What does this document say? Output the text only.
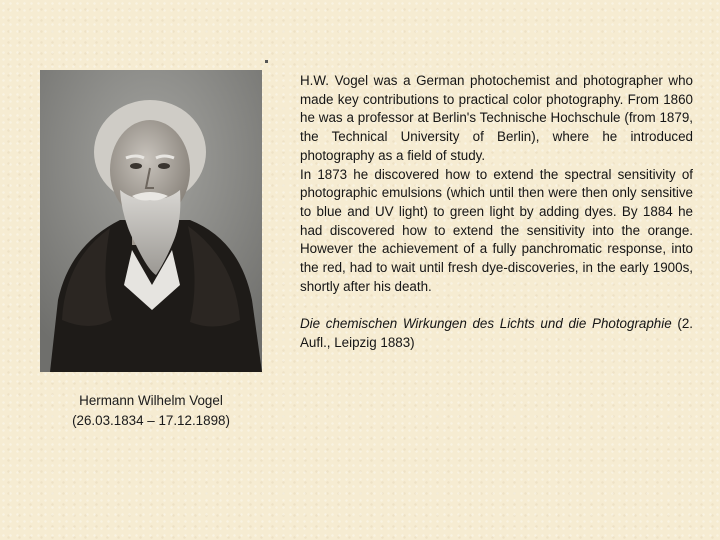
Hermann Wilhelm Vogel
(26.03.1834 – 17.12.1898)

H.W. Vogel was a German photochemist and photographer who made key contributions to practical color photography. From 1860 he was a professor at Berlin's Technische Hochschule (from 1879, the Technical University of Berlin), where he introduced photography as a field of study.

In 1873 he discovered how to extend the spectral sensitivity of photographic emulsions (which until then were then only sensitive to blue and UV light) to green light by adding dyes. By 1884 he had discovered how to extend the sensitivity into the orange. However the achievement of a fully panchromatic response, into the red, had to wait until fresh dye-discoveries, in the early 1900s, shortly after his death.

Die chemischen Wirkungen des Lichts und die Photographie (2. Aufl., Leipzig 1883)
